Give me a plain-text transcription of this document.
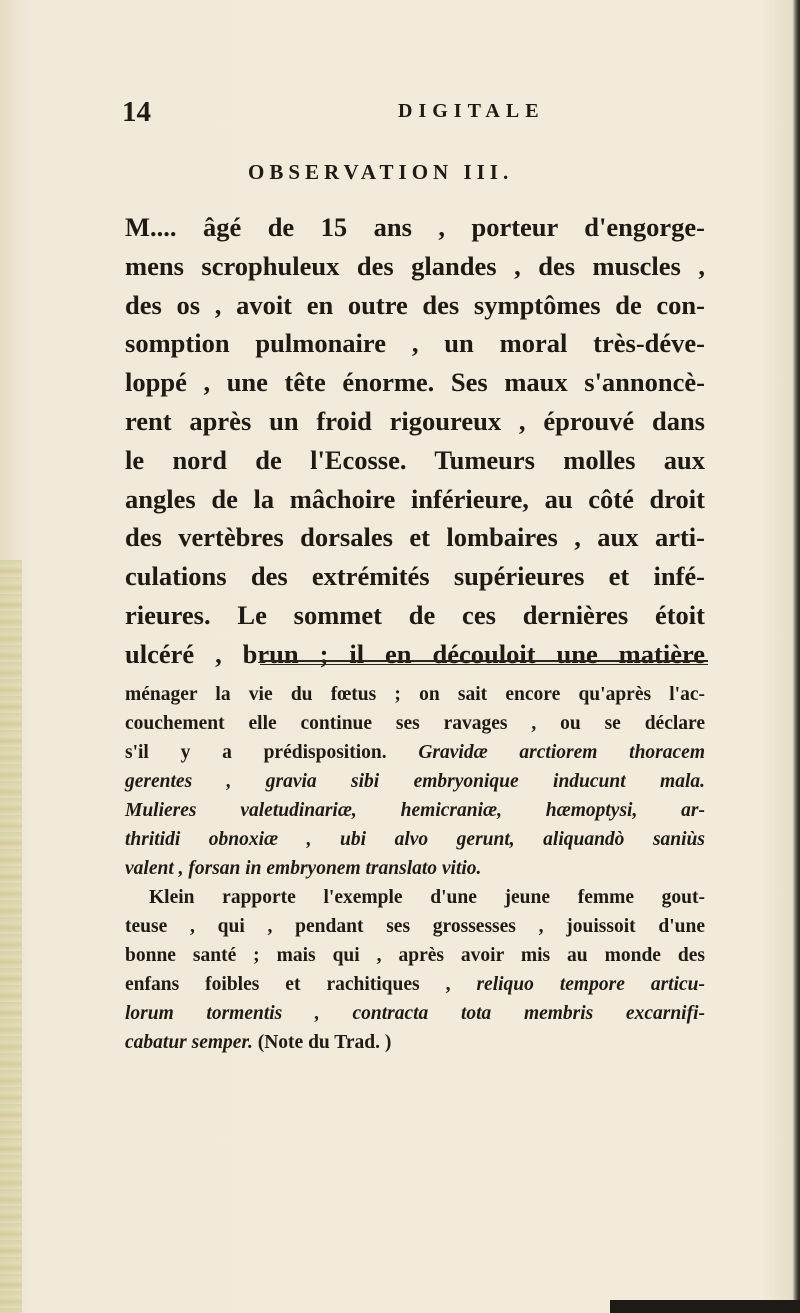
14	DIGITALE
OBSERVATION III.
M.... âgé de 15 ans , porteur d'engorge-
mens scrophuleux des glandes , des muscles ,
des os , avoit en outre des symptômes de con-
somption pulmonaire , un moral très-déve-
loppé , une tête énorme. Ses maux s'annoncè-
rent après un froid rigoureux , éprouvé dans
le nord de l'Ecosse. Tumeurs molles aux
angles de la mâchoire inférieure, au côté droit
des vertèbres dorsales et lombaires , aux arti-
culations des extrémités supérieures et infé-
rieures. Le sommet de ces dernières étoit
ulcéré , brun ; il en découloit une matière
ménager la vie du fœtus ; on sait encore qu'après l'ac-
couchement elle continue ses ravages , ou se déclare
s'il y a prédisposition. Gravidæ arctiorem thoracem
gerentes , gravia sibi embryonique inducunt mala.
Mulieres valetudinariæ, hemicraniæ, hæmoptysi, ar-
thritidi obnoxiæ , ubi alvo gerunt, aliquandò saniùs
valent , forsan in embryonem translato vitio.
Klein rapporte l'exemple d'une jeune femme gout-
teuse , qui , pendant ses grossesses , jouissoit d'une
bonne santé ; mais qui , après avoir mis au monde des
enfans foibles et rachitiques , reliquo tempore articu-
lorum tormentis , contracta tota membris excarnifi-
cabatur semper. (Note du Trad. )
